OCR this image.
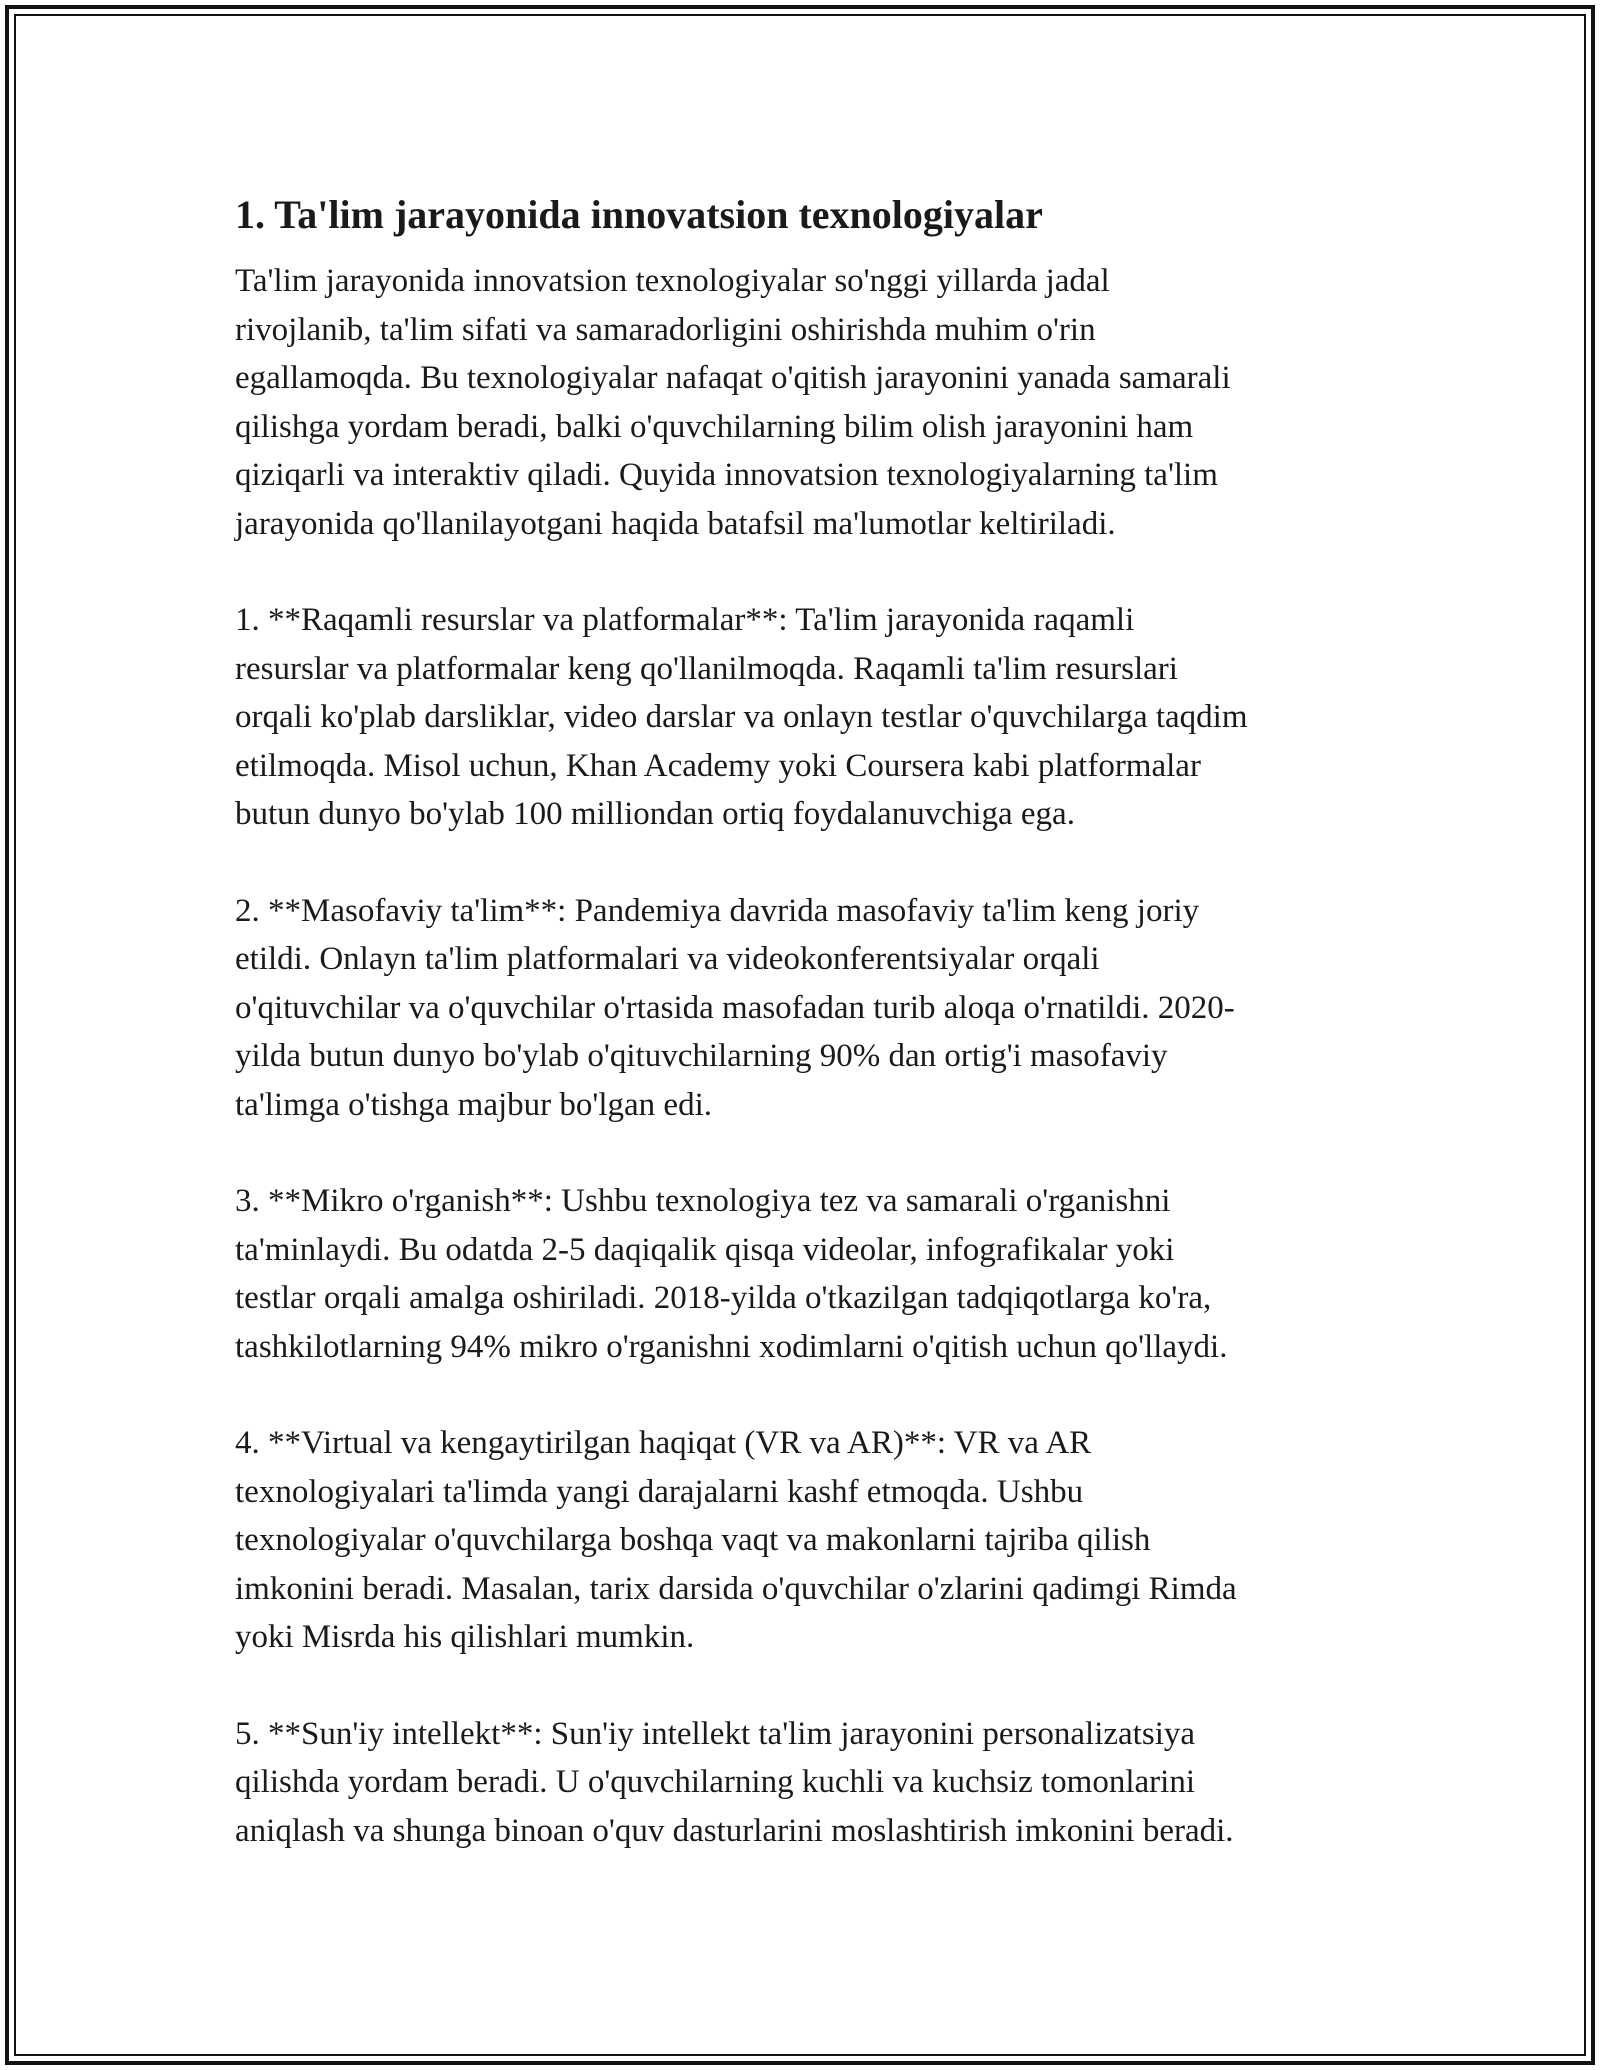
1. Ta'lim jarayonida innovatsion texnologiyalar

Ta'lim jarayonida innovatsion texnologiyalar so'nggi yillarda jadal
rivojlanib, ta'lim sifati va samaradorligini oshirishda muhim o'rin
egallamoqda. Bu texnologiyalar nafaqat o'qitish jarayonini yanada samarali
qilishga yordam beradi, balki o'quvchilarning bilim olish jarayonini ham
qiziqarli va interaktiv qiladi. Quyida innovatsion texnologiyalarning ta'lim
jarayonida qo'llanilayotgani haqida batafsil ma'lumotlar keltiriladi.

1. **Raqamli resurslar va platformalar**: Ta'lim jarayonida raqamli
resurslar va platformalar keng qo'llanilmoqda. Raqamli ta'lim resurslari
orqali ko'plab darsliklar, video darslar va onlayn testlar o'quvchilarga taqdim
etilmoqda. Misol uchun, Khan Academy yoki Coursera kabi platformalar
butun dunyo bo'ylab 100 milliondan ortiq foydalanuvchiga ega.

2. **Masofaviy ta'lim**: Pandemiya davrida masofaviy ta'lim keng joriy
etildi. Onlayn ta'lim platformalari va videokonferentsiyalar orqali
o'qituvchilar va o'quvchilar o'rtasida masofadan turib aloqa o'rnatildi. 2020-
yilda butun dunyo bo'ylab o'qituvchilarning 90% dan ortig'i masofaviy
ta'limga o'tishga majbur bo'lgan edi.

3. **Mikro o'rganish**: Ushbu texnologiya tez va samarali o'rganishni
ta'minlaydi. Bu odatda 2-5 daqiqalik qisqa videolar, infografikalar yoki
testlar orqali amalga oshiriladi. 2018-yilda o'tkazilgan tadqiqotlarga ko'ra,
tashkilotlarning 94% mikro o'rganishni xodimlarni o'qitish uchun qo'llaydi.

4. **Virtual va kengaytirilgan haqiqat (VR va AR)**: VR va AR
texnologiyalari ta'limda yangi darajalarni kashf etmoqda. Ushbu
texnologiyalar o'quvchilarga boshqa vaqt va makonlarni tajriba qilish
imkonini beradi. Masalan, tarix darsida o'quvchilar o'zlarini qadimgi Rimda
yoki Misrda his qilishlari mumkin.

5. **Sun'iy intellekt**: Sun'iy intellekt ta'lim jarayonini personalizatsiya
qilishda yordam beradi. U o'quvchilarning kuchli va kuchsiz tomonlarini
aniqlash va shunga binoan o'quv dasturlarini moslashtirish imkonini beradi.
